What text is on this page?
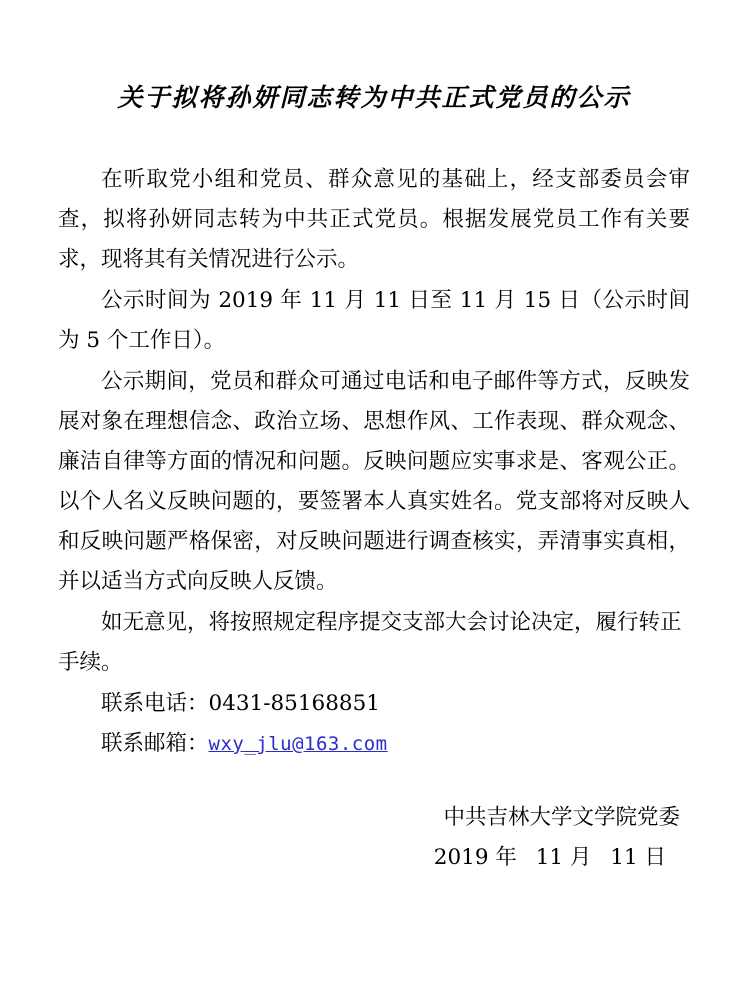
关于拟将孙妍同志转为中共正式党员的公示

在听取党小组和党员、群众意见的基础上，经支部委员会审查，拟将孙妍同志转为中共正式党员。根据发展党员工作有关要求，现将其有关情况进行公示。

公示时间为 2019 年 11 月 11 日至 11 月 15 日（公示时间为 5 个工作日）。

公示期间，党员和群众可通过电话和电子邮件等方式，反映发展对象在理想信念、政治立场、思想作风、工作表现、群众观念、廉洁自律等方面的情况和问题。反映问题应实事求是、客观公正。以个人名义反映问题的，要签署本人真实姓名。党支部将对反映人和反映问题严格保密，对反映问题进行调查核实，弄清事实真相，并以适当方式向反映人反馈。

如无意见，将按照规定程序提交支部大会讨论决定，履行转正手续。

联系电话：0431-85168851

联系邮箱：wxy_jlu@163.com

中共吉林大学文学院党委
2019 年 11 月 11 日
